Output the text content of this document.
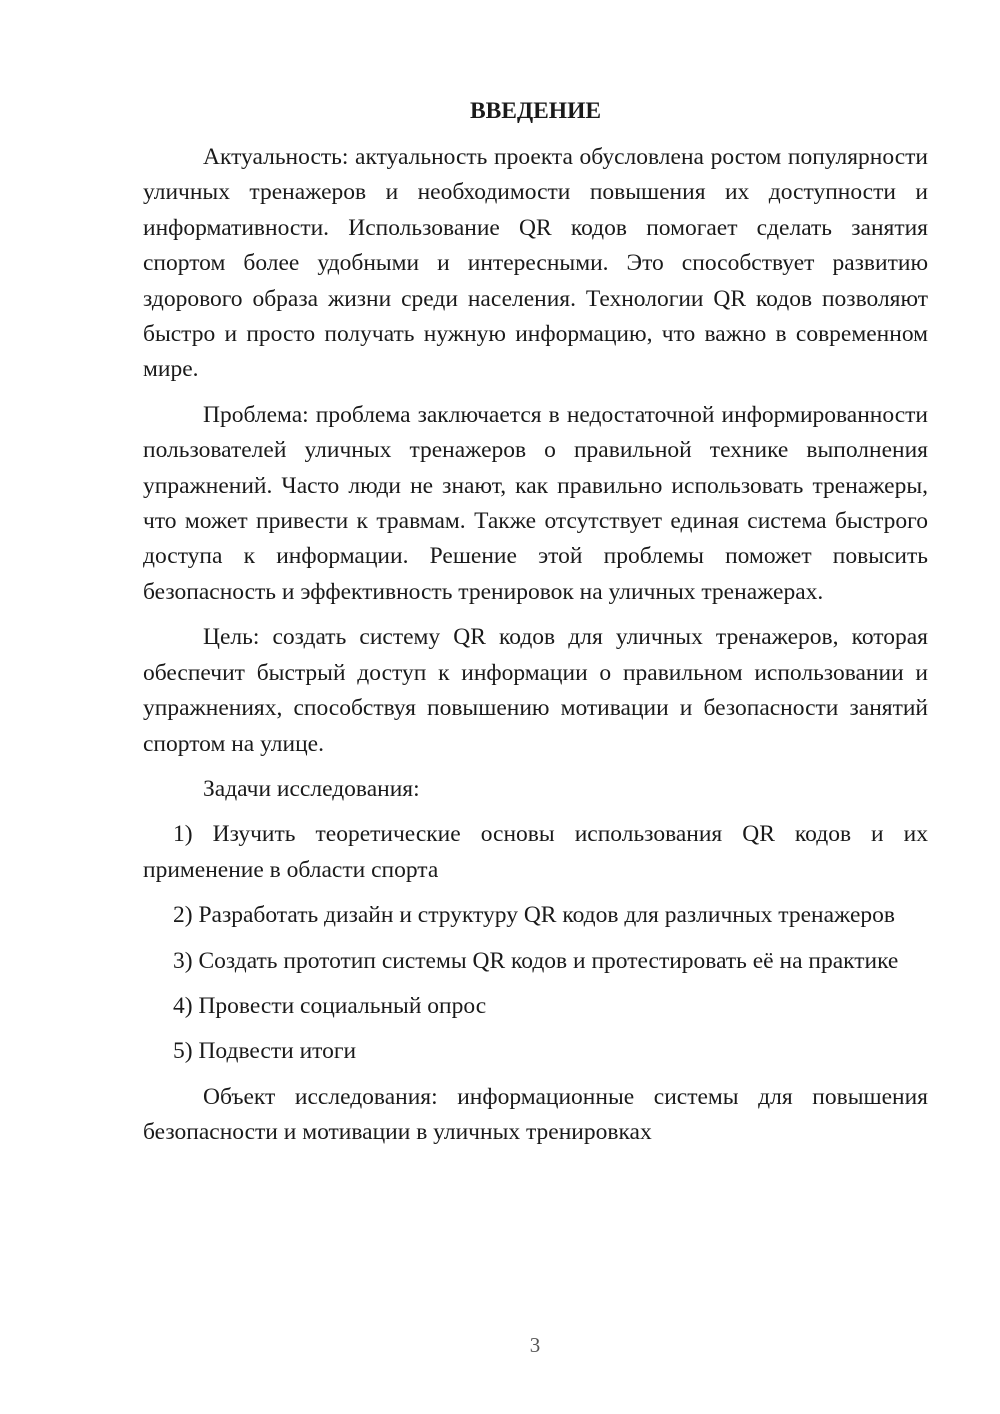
ВВЕДЕНИЕ

Актуальность: актуальность проекта обусловлена ростом популярности уличных тренажеров и необходимости повышения их доступности и информативности. Использование QR кодов помогает сделать занятия спортом более удобными и интересными. Это способствует развитию здорового образа жизни среди населения. Технологии QR кодов позволяют быстро и просто получать нужную информацию, что важно в современном мире.

Проблема: проблема заключается в недостаточной информированности пользователей уличных тренажеров о правильной технике выполнения упражнений. Часто люди не знают, как правильно использовать тренажеры, что может привести к травмам. Также отсутствует единая система быстрого доступа к информации. Решение этой проблемы поможет повысить безопасность и эффективность тренировок на уличных тренажерах.

Цель: создать систему QR кодов для уличных тренажеров, которая обеспечит быстрый доступ к информации о правильном использовании и упражнениях, способствуя повышению мотивации и безопасности занятий спортом на улице.

Задачи исследования:

1) Изучить теоретические основы использования QR кодов и их применение в области спорта

2) Разработать дизайн и структуру QR кодов для различных тренажеров

3) Создать прототип системы QR кодов и протестировать её на практике

4) Провести социальный опрос

5) Подвести итоги

Объект исследования: информационные системы для повышения безопасности и мотивации в уличных тренировках

3
